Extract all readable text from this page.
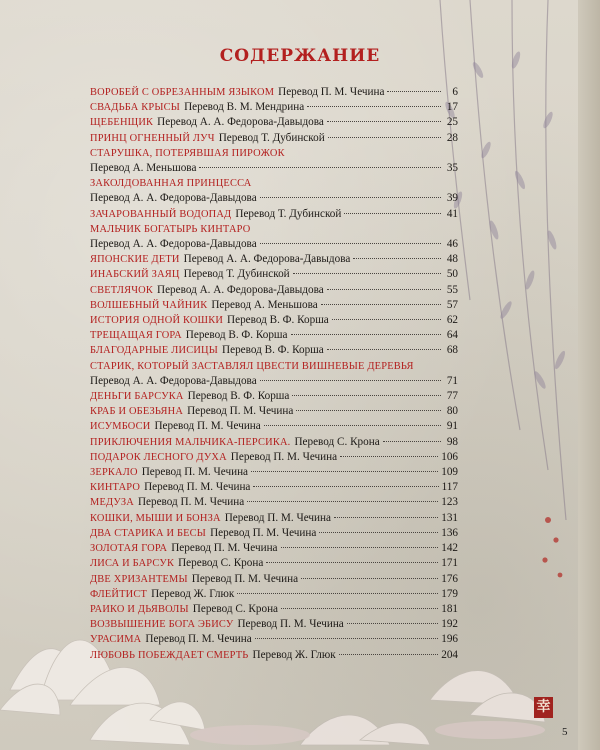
содержание
ВОРОБЕЙ С ОБРЕЗАННЫМ ЯЗЫКОМ Перевод П. М. Чечина	6
СВАДЬБА КРЫСЫ Перевод В. М. Мендрина	17
ЩЕБЕНЩИК Перевод А. А. Федорова-Давыдова	25
ПРИНЦ ОГНЕННЫЙ ЛУЧ Перевод Т. Дубинской	28
СТАРУШКА, ПОТЕРЯВШАЯ ПИРОЖОК
Перевод А. Меньшова	35
ЗАКОЛДОВАННАЯ ПРИНЦЕССА
Перевод А. А. Федорова-Давыдова	39
ЗАЧАРОВАННЫЙ ВОДОПАД Перевод Т. Дубинской	41
МАЛЬЧИК БОГАТЫРЬ КИНТАРО
Перевод А. А. Федорова-Давыдова	46
ЯПОНСКИЕ ДЕТИ Перевод А. А. Федорова-Давыдова	48
ИНАБСКИЙ ЗАЯЦ Перевод Т. Дубинской	50
СВЕТЛЯЧОК Перевод А. А. Федорова-Давыдова	55
ВОЛШЕБНЫЙ ЧАЙНИК Перевод А. Меньшова	57
ИСТОРИЯ ОДНОЙ КОШКИ Перевод В. Ф. Корша	62
ТРЕЩАЩАЯ ГОРА Перевод В. Ф. Корша	64
БЛАГОДАРНЫЕ ЛИСИЦЫ Перевод В. Ф. Корша	68
СТАРИК, КОТОРЫЙ ЗАСТАВЛЯЛ ЦВЕСТИ ВИШНЕВЫЕ ДЕРЕВЬЯ
Перевод А. А. Федорова-Давыдова	71
ДЕНЬГИ БАРСУКА Перевод В. Ф. Корша	77
КРАБ И ОБЕЗЬЯНА Перевод П. М. Чечина	80
ИСУМБОСИ Перевод П. М. Чечина	91
ПРИКЛЮЧЕНИЯ МАЛЬЧИКА-ПЕРСИКА. Перевод С. Крона	98
ПОДАРОК ЛЕСНОГО ДУХА Перевод П. М. Чечина	106
ЗЕРКАЛО Перевод П. М. Чечина	109
КИНТАРО Перевод П. М. Чечина	117
МЕДУЗА Перевод П. М. Чечина	123
КОШКИ, МЫШИ И БОНЗА Перевод П. М. Чечина	131
ДВА СТАРИКА И БЕСЫ Перевод П. М. Чечина	136
ЗОЛОТАЯ ГОРА Перевод П. М. Чечина	142
ЛИСА И БАРСУК Перевод С. Крона	171
ДВЕ ХРИЗАНТЕМЫ Перевод П. М. Чечина	176
ФЛЕЙТИСТ Перевод Ж. Глюк	179
РАИКО И ДЬЯВОЛЫ Перевод С. Крона	181
ВОЗВЫШЕНИЕ БОГА ЭБИСУ Перевод П. М. Чечина	192
УРАСИМА Перевод П. М. Чечина	196
ЛЮБОВЬ ПОБЕЖДАЕТ СМЕРТЬ Перевод Ж. Глюк	204
幸
5
